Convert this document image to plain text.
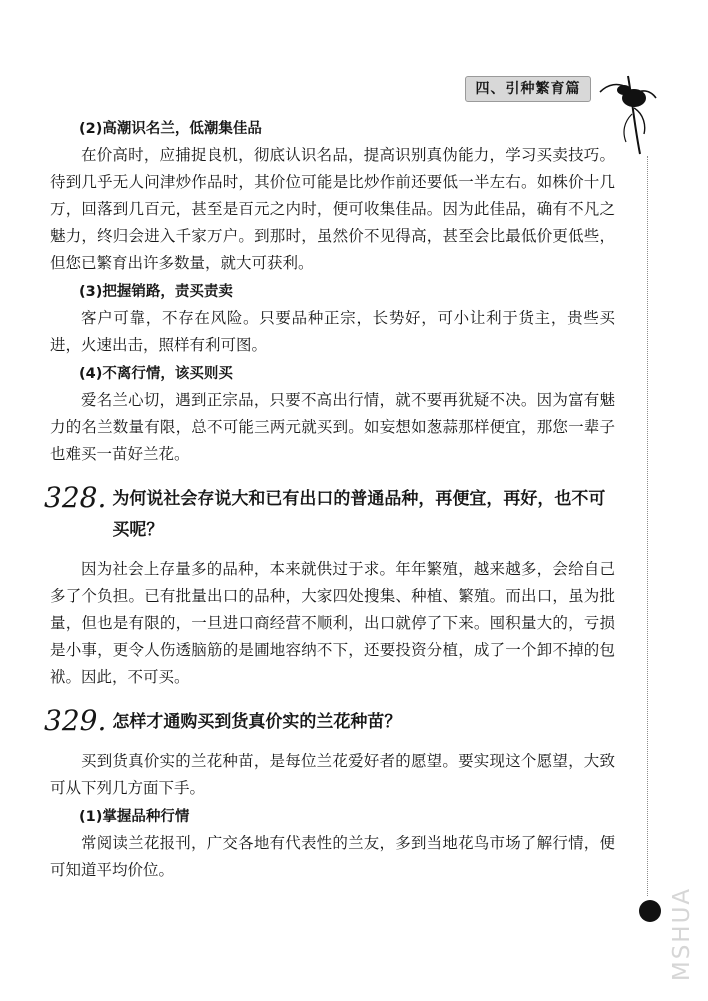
四、引种繁育篇
MSHUA

(2)高潮识名兰，低潮集佳品

在价高时，应捕捉良机，彻底认识名品，提高识别真伪能力，学习买卖技巧。待到几乎无人问津炒作品时，其价位可能是比炒作前还要低一半左右。如株价十几万，回落到几百元，甚至是百元之内时，便可收集佳品。因为此佳品，确有不凡之魅力，终归会进入千家万户。到那时，虽然价不见得高，甚至会比最低价更低些，但您已繁育出许多数量，就大可获利。

(3)把握销路，责买责卖

客户可靠，不存在风险。只要品种正宗，长势好，可小让利于货主，贵些买进，火速出击，照样有利可图。

(4)不离行情，该买则买

爱名兰心切，遇到正宗品，只要不高出行情，就不要再犹疑不决。因为富有魅力的名兰数量有限，总不可能三两元就买到。如妄想如葱蒜那样便宜，那您一辈子也难买一苗好兰花。

328. 为何说社会存说大和已有出口的普通品种，再便宜，再好，也不可买呢？

因为社会上存量多的品种，本来就供过于求。年年繁殖，越来越多，会给自己多了个负担。已有批量出口的品种，大家四处搜集、种植、繁殖。而出口，虽为批量，但也是有限的，一旦进口商经营不顺利，出口就停了下来。囤积量大的，亏损是小事，更令人伤透脑筋的是圃地容纳不下，还要投资分植，成了一个卸不掉的包袱。因此，不可买。

329. 怎样才通购买到货真价实的兰花种苗？

买到货真价实的兰花种苗，是每位兰花爱好者的愿望。要实现这个愿望，大致可从下列几方面下手。

(1)掌握品种行情

常阅读兰花报刊，广交各地有代表性的兰友，多到当地花鸟市场了解行情，便可知道平均价位。
